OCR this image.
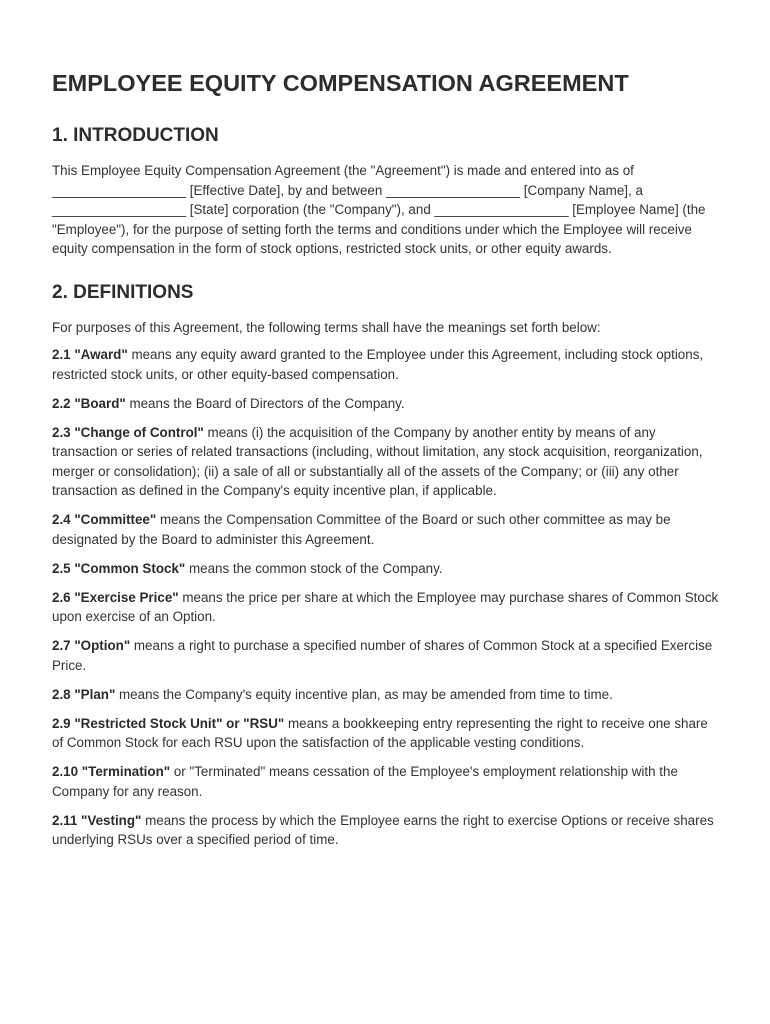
EMPLOYEE EQUITY COMPENSATION AGREEMENT
1. INTRODUCTION

This Employee Equity Compensation Agreement (the "Agreement") is made and entered into as of __________________ [Effective Date], by and between __________________ [Company Name], a __________________ [State] corporation (the "Company"), and __________________ [Employee Name] (the "Employee"), for the purpose of setting forth the terms and conditions under which the Employee will receive equity compensation in the form of stock options, restricted stock units, or other equity awards.

2. DEFINITIONS

For purposes of this Agreement, the following terms shall have the meanings set forth below:

2.1 "Award" means any equity award granted to the Employee under this Agreement, including stock options, restricted stock units, or other equity-based compensation.

2.2 "Board" means the Board of Directors of the Company.

2.3 "Change of Control" means (i) the acquisition of the Company by another entity by means of any transaction or series of related transactions (including, without limitation, any stock acquisition, reorganization, merger or consolidation); (ii) a sale of all or substantially all of the assets of the Company; or (iii) any other transaction as defined in the Company's equity incentive plan, if applicable.

2.4 "Committee" means the Compensation Committee of the Board or such other committee as may be designated by the Board to administer this Agreement.

2.5 "Common Stock" means the common stock of the Company.

2.6 "Exercise Price" means the price per share at which the Employee may purchase shares of Common Stock upon exercise of an Option.

2.7 "Option" means a right to purchase a specified number of shares of Common Stock at a specified Exercise Price.

2.8 "Plan" means the Company's equity incentive plan, as may be amended from time to time.

2.9 "Restricted Stock Unit" or "RSU" means a bookkeeping entry representing the right to receive one share of Common Stock for each RSU upon the satisfaction of the applicable vesting conditions.

2.10 "Termination" or "Terminated" means cessation of the Employee's employment relationship with the Company for any reason.

2.11 "Vesting" means the process by which the Employee earns the right to exercise Options or receive shares underlying RSUs over a specified period of time.
